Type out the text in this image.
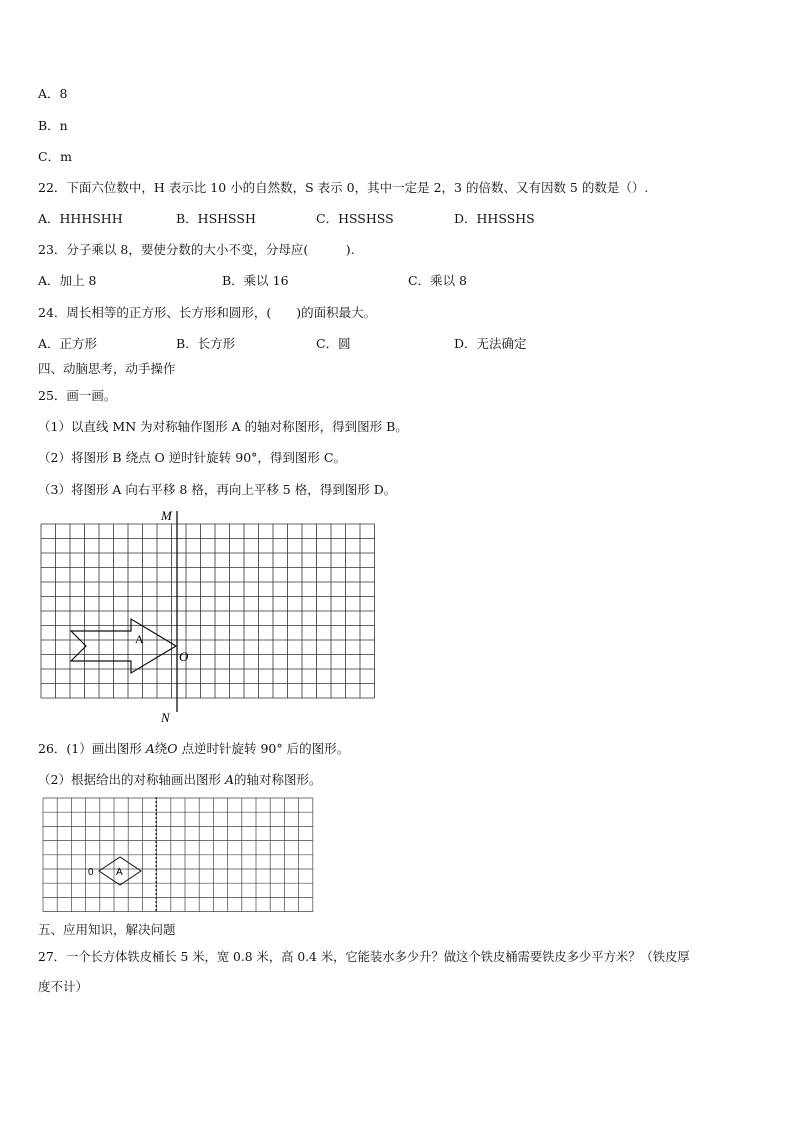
A．8
B．n
C．m
22．下面六位数中，H 表示比 10 小的自然数，S 表示 0，其中一定是 2，3 的倍数、又有因数 5 的数是（）.
A．HHHSHH	B．HSHSSH	C．HSSHSS	D．HHSSHS
23．分子乘以 8，要使分数的大小不变，分母应(　　　).
A．加上 8	B．乘以 16	C．乘以 8
24．周长相等的正方形、长方形和圆形，(　　)的面积最大。
A．正方形	B．长方形	C．圆	D．无法确定
四、动脑思考，动手操作
25．画一画。
（1）以直线 MN 为对称轴作图形 A 的轴对称图形，得到图形 B。
（2）将图形 B 绕点 O 逆时针旋转 90°，得到图形 C。
（3）将图形 A 向右平移 8 格，再向上平移 5 格，得到图形 D。
M
N
O
A
26．(1）画出图形 A绕O 点逆时针旋转 90° 后的图形。
（2）根据给出的对称轴画出图形 A的轴对称图形。
0 A
五、应用知识，解决问题
27．一个长方体铁皮桶长 5 米，宽 0.8 米，高 0.4 米，它能装水多少升？做这个铁皮桶需要铁皮多少平方米？（铁皮厚
度不计）
